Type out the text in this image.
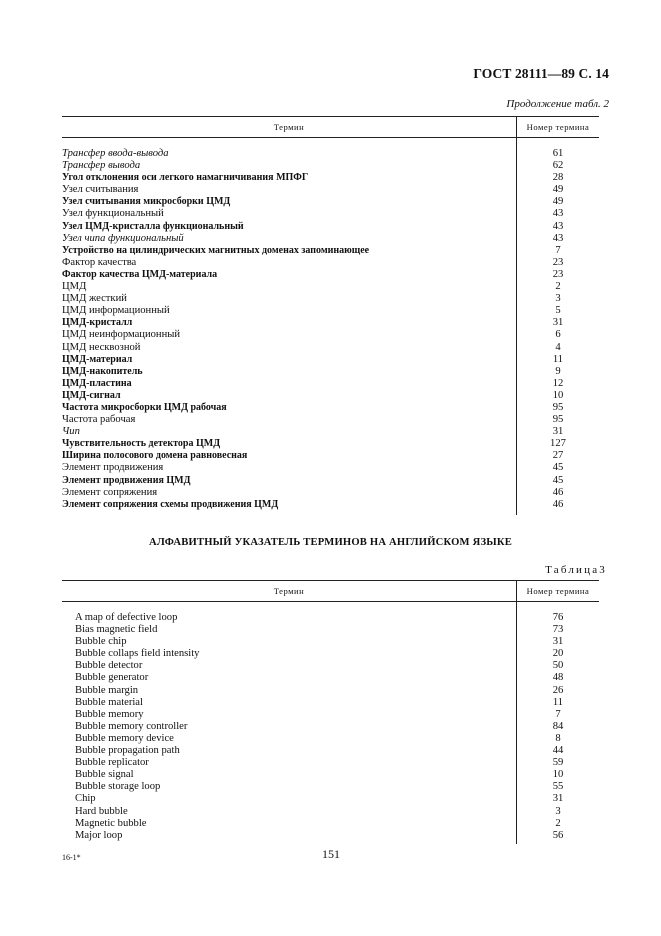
ГОСТ 28111—89 С. 14
Продолжение табл. 2
Термин	Номер термина
Трансфер ввода-вывода	61
Трансфер вывода	62
Угол отклонения оси легкого намагничивания МПФГ	28
Узел считывания	49
Узел считывания микросборки ЦМД	49
Узел функциональный	43
Узел ЦМД-кристалла функциональный	43
Узел чипа функциональный	43
Устройство на цилиндрических магнитных доменах запоминающее	7
Фактор качества	23
Фактор качества ЦМД-материала	23
ЦМД	2
ЦМД жесткий	3
ЦМД информационный	5
ЦМД-кристалл	31
ЦМД неинформационный	6
ЦМД несквозной	4
ЦМД-материал	11
ЦМД-накопитель	9
ЦМД-пластина	12
ЦМД-сигнал	10
Частота микросборки ЦМД рабочая	95
Частота рабочая	95
Чип	31
Чувствительность детектора ЦМД	127
Ширина полосового домена равновесная	27
Элемент продвижения	45
Элемент продвижения ЦМД	45
Элемент сопряжения	46
Элемент сопряжения схемы продвижения ЦМД	46
АЛФАВИТНЫЙ УКАЗАТЕЛЬ ТЕРМИНОВ НА АНГЛИЙСКОМ ЯЗЫКЕ
Таблица3
Термин	Номер термина
A map of defective loop	76
Bias magnetic field	73
Bubble chip	31
Bubble collaps field intensity	20
Bubble detector	50
Bubble generator	48
Bubble margin	26
Bubble material	11
Bubble memory	7
Bubble memory controller	84
Bubble memory device	8
Bubble propagation path	44
Bubble replicator	59
Bubble signal	10
Bubble storage loop	55
Chip	31
Hard bubble	3
Magnetic bubble	2
Major loop	56
16-1*	151
